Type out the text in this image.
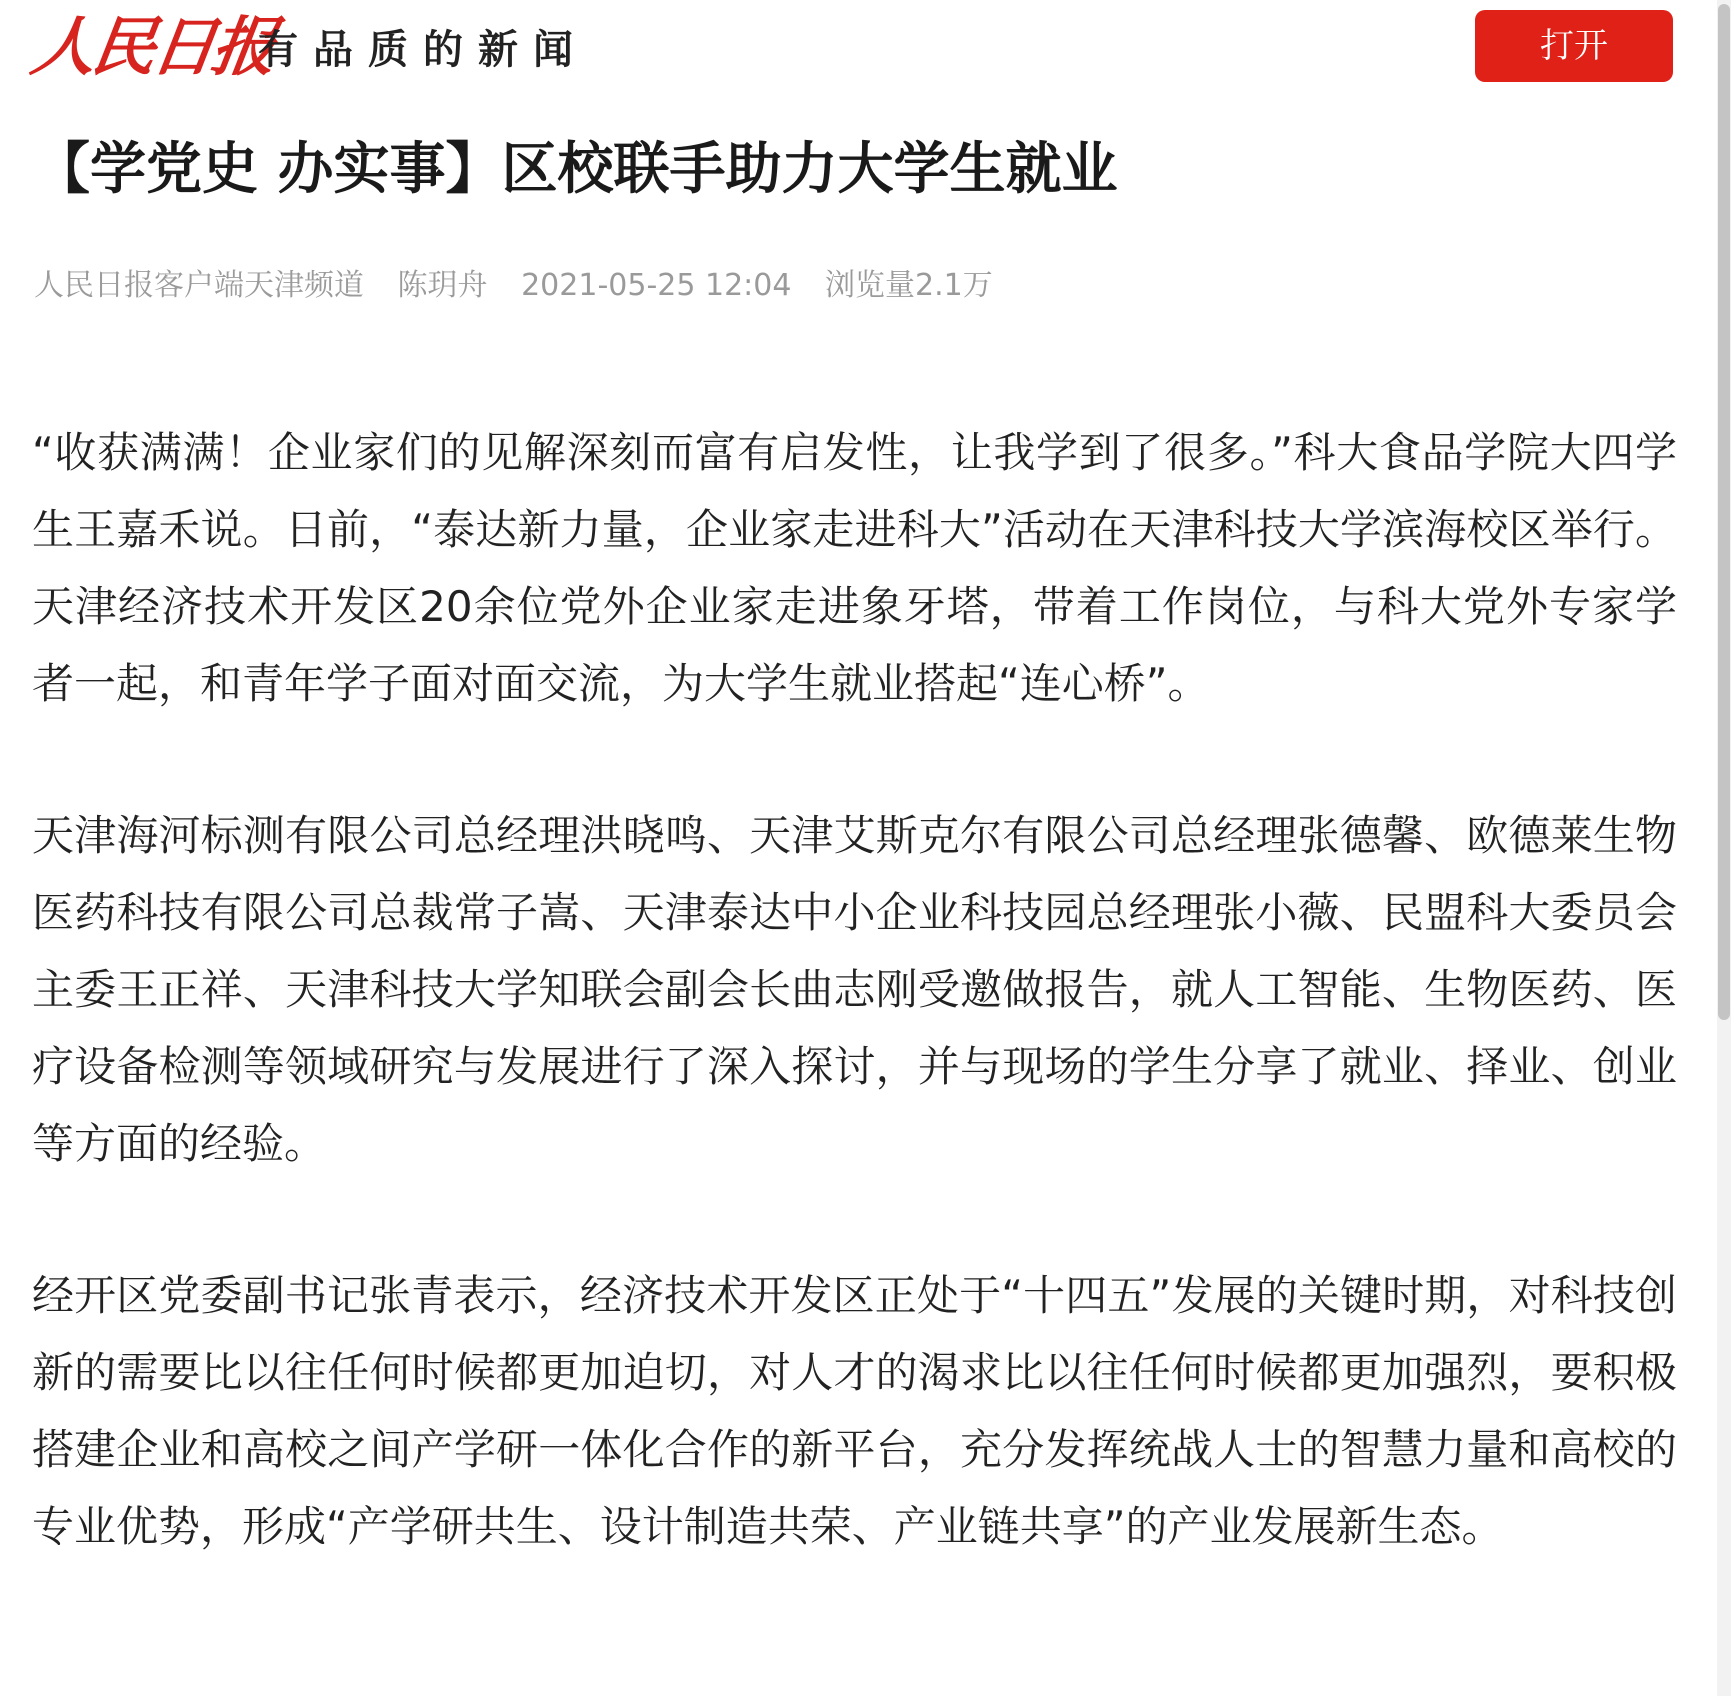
人民日报
有品质的新闻	打开
【学党史 办实事】区校联手助力大学生就业
人民日报客户端天津频道 陈玥舟 2021-05-25 12:04 浏览量2.1万

“收获满满！企业家们的见解深刻而富有启发性，让我学到了很多。”科大食品学院大四学生王嘉禾说。日前，“泰达新力量，企业家走进科大”活动在天津科技大学滨海校区举行。天津经济技术开发区20余位党外企业家走进象牙塔，带着工作岗位，与科大党外专家学者一起，和青年学子面对面交流，为大学生就业搭起“连心桥”。

天津海河标测有限公司总经理洪晓鸣、天津艾斯克尔有限公司总经理张德馨、欧德莱生物医药科技有限公司总裁常子嵩、天津泰达中小企业科技园总经理张小薇、民盟科大委员会主委王正祥、天津科技大学知联会副会长曲志刚受邀做报告，就人工智能、生物医药、医疗设备检测等领域研究与发展进行了深入探讨，并与现场的学生分享了就业、择业、创业等方面的经验。

经开区党委副书记张青表示，经济技术开发区正处于“十四五”发展的关键时期，对科技创新的需要比以往任何时候都更加迫切，对人才的渴求比以往任何时候都更加强烈，要积极搭建企业和高校之间产学研一体化合作的新平台，充分发挥统战人士的智慧力量和高校的专业优势，形成“产学研共生、设计制造共荣、产业链共享”的产业发展新生态。
